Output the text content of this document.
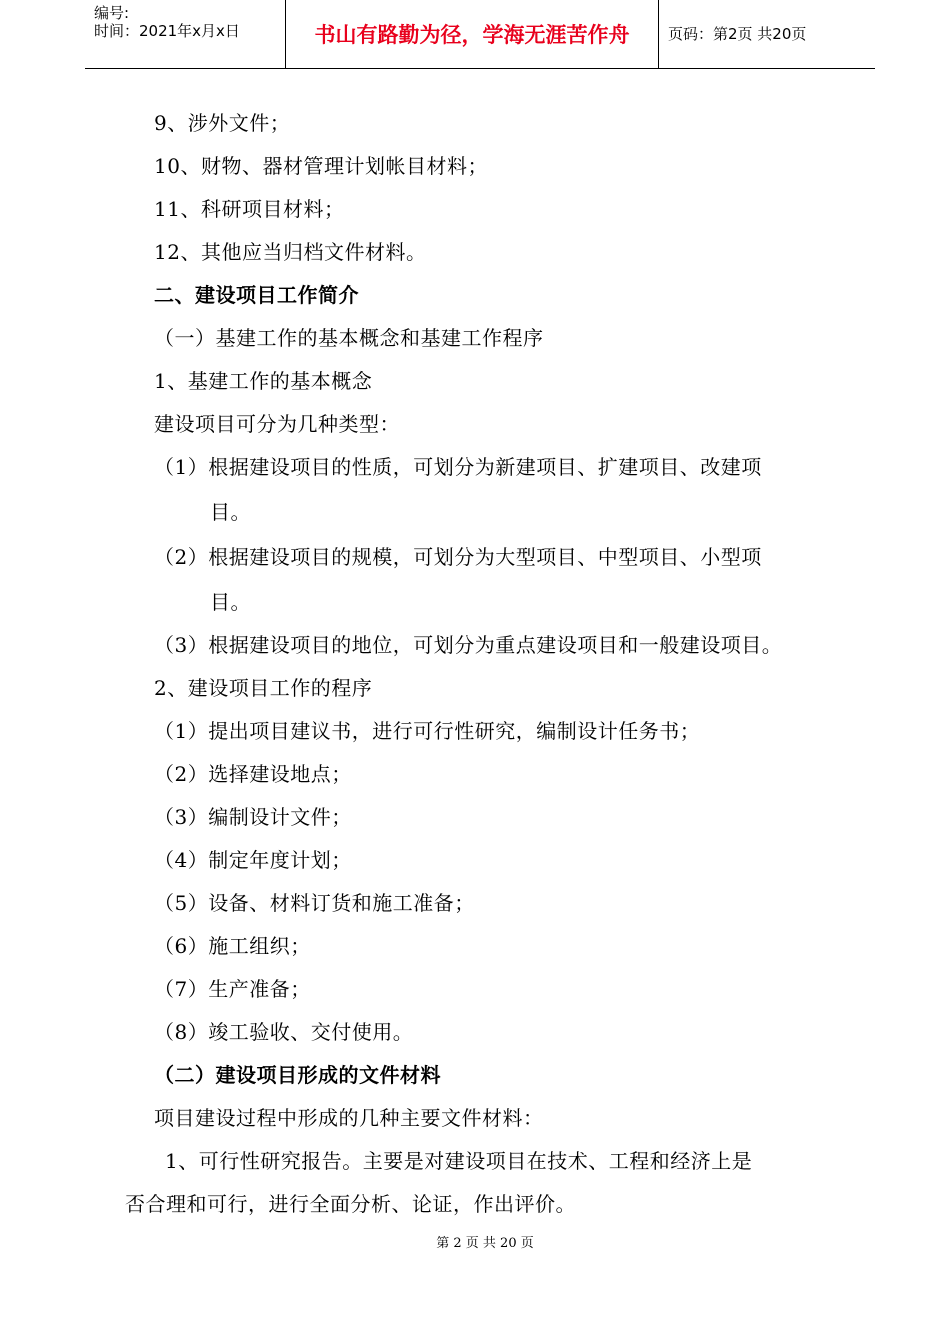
编号:
时间：2021年x月x日	书山有路勤为径，学海无涯苦作舟	页码：第2页 共20页
9、涉外文件；
10、财物、器材管理计划帐目材料；
11、科研项目材料；
12、其他应当归档文件材料。
二、建设项目工作简介
（一）基建工作的基本概念和基建工作程序
1、基建工作的基本概念
建设项目可分为几种类型：
（1）根据建设项目的性质，可划分为新建项目、扩建项目、改建项
目。
（2）根据建设项目的规模，可划分为大型项目、中型项目、小型项
目。
（3）根据建设项目的地位，可划分为重点建设项目和一般建设项目。
2、建设项目工作的程序
（1）提出项目建议书，进行可行性研究，编制设计任务书；
（2）选择建设地点；
（3）编制设计文件；
（4）制定年度计划；
（5）设备、材料订货和施工准备；
（6）施工组织；
（7）生产准备；
（8）竣工验收、交付使用。
（二）建设项目形成的文件材料
项目建设过程中形成的几种主要文件材料：
1、可行性研究报告。主要是对建设项目在技术、工程和经济上是
否合理和可行，进行全面分析、论证，作出评价。
第 2 页 共 20 页
